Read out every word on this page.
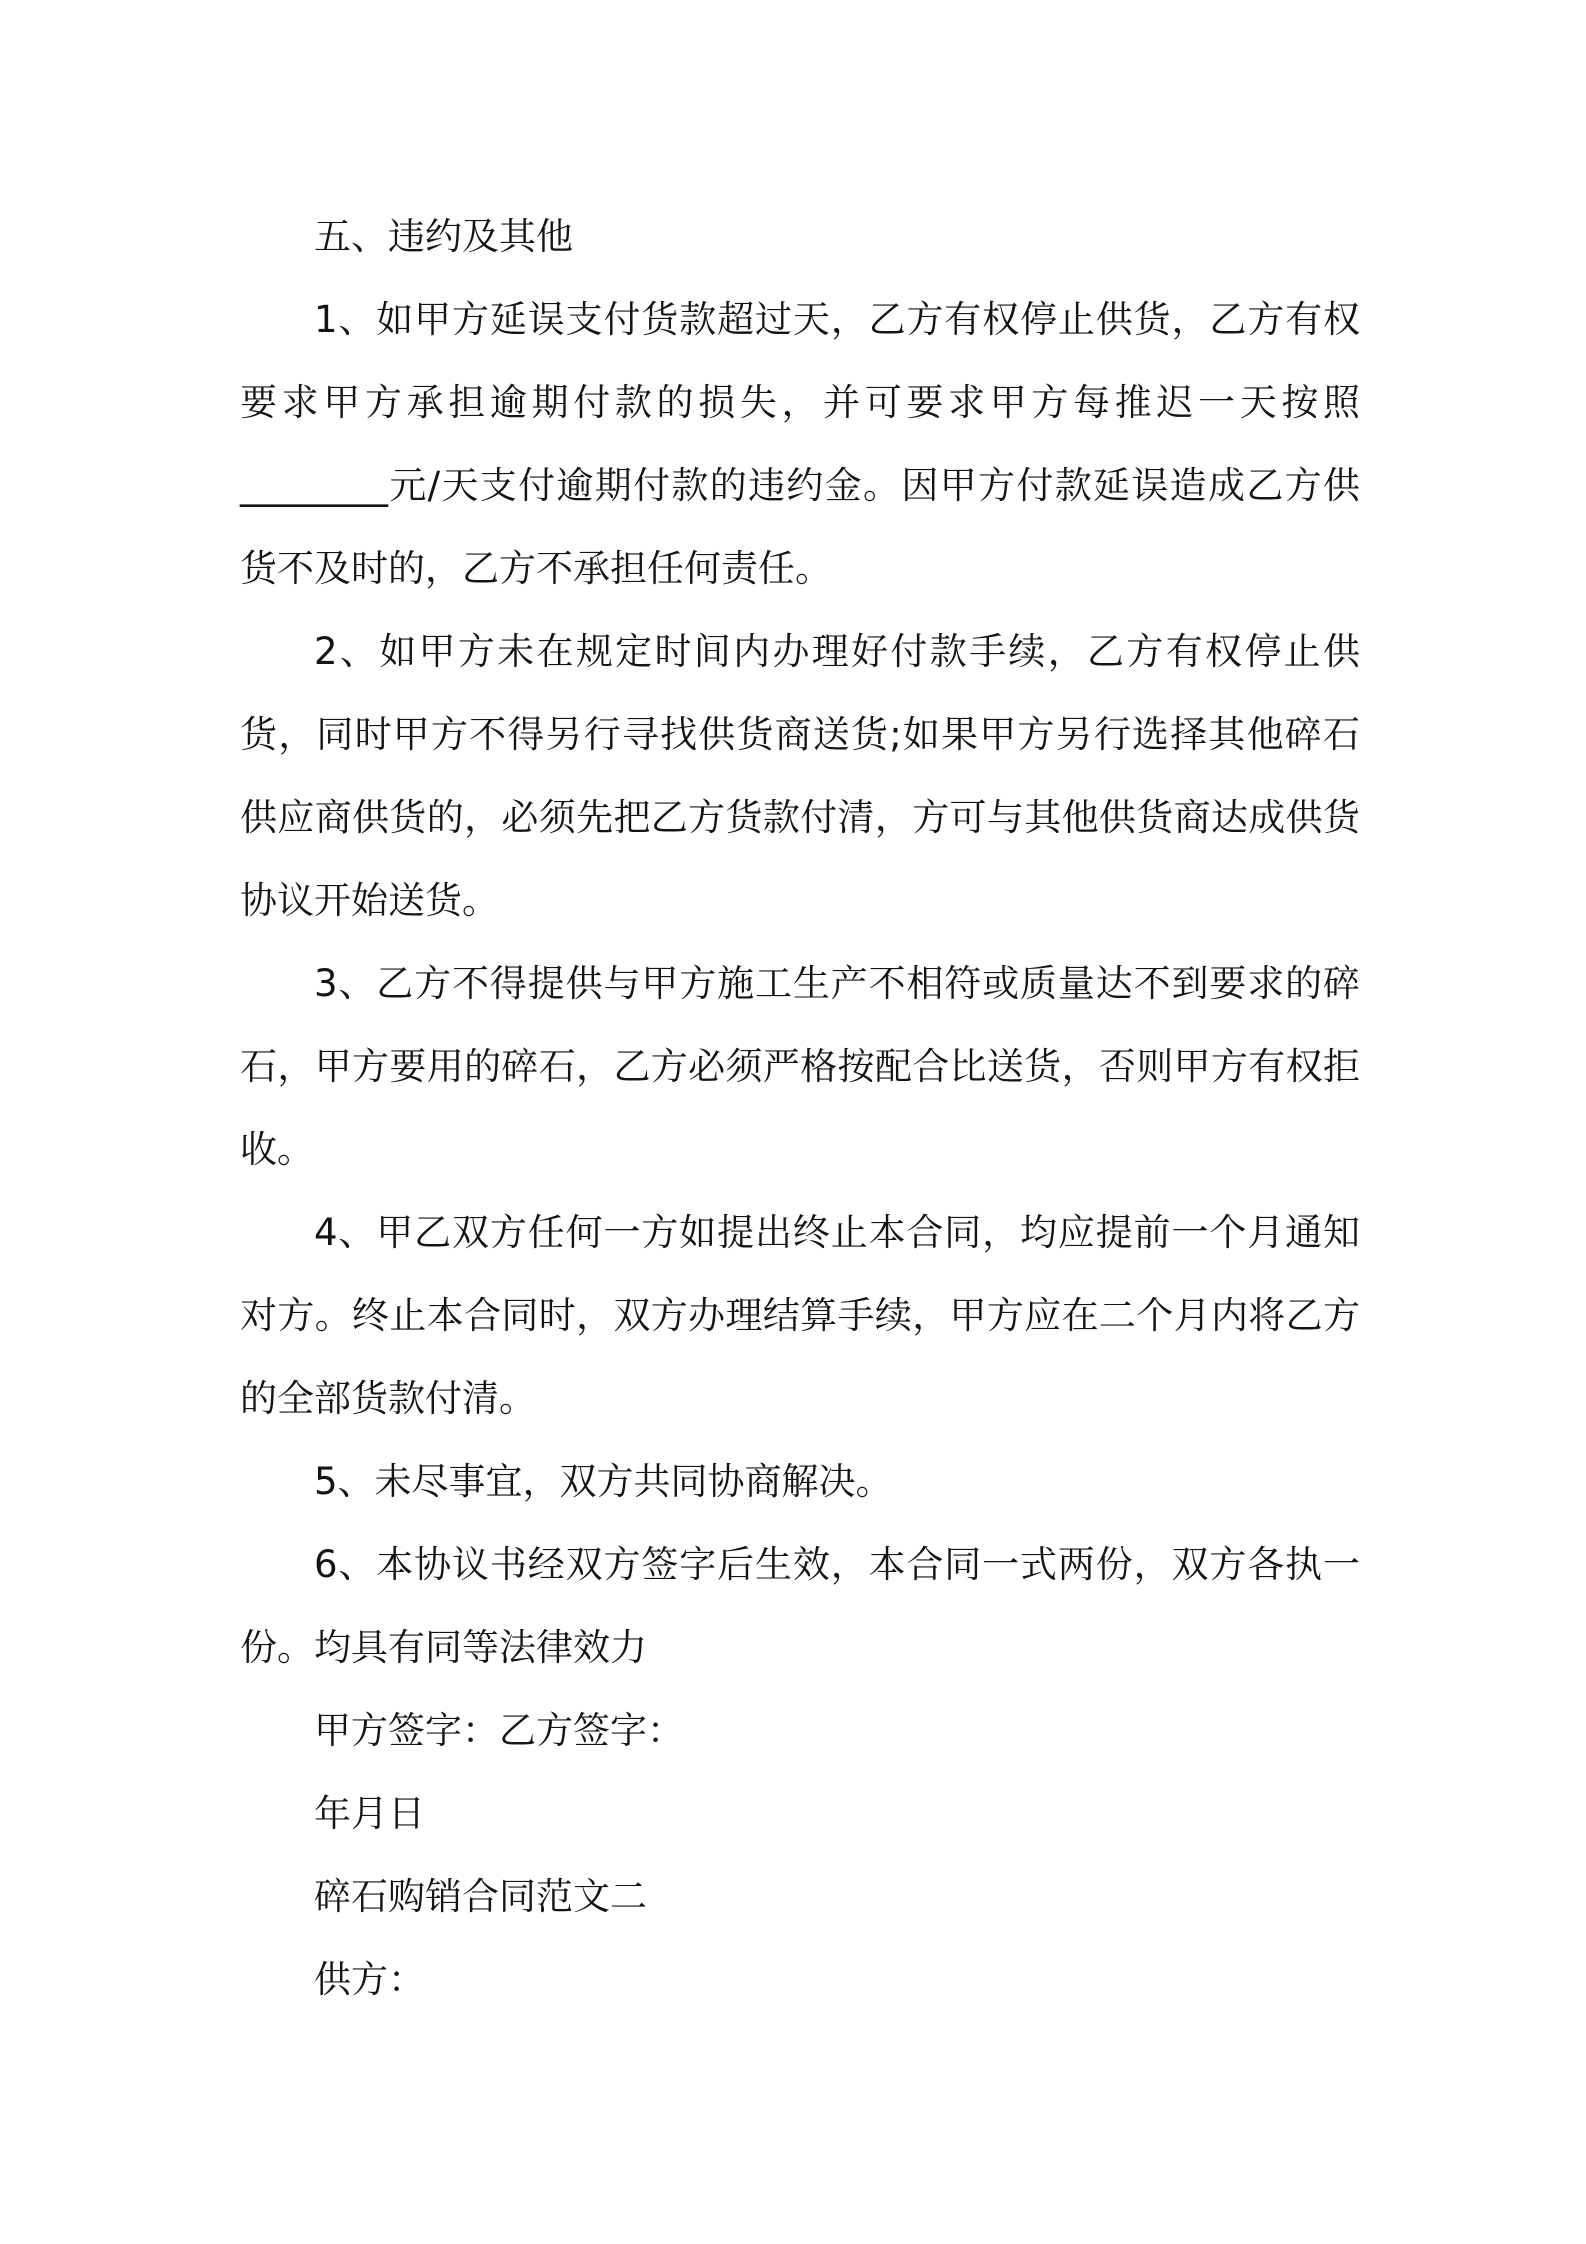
五、违约及其他

1、如甲方延误支付货款超过天，乙方有权停止供货，乙方有权要求甲方承担逾期付款的损失，并可要求甲方每推迟一天按照________元/天支付逾期付款的违约金。因甲方付款延误造成乙方供货不及时的，乙方不承担任何责任。

2、如甲方未在规定时间内办理好付款手续，乙方有权停止供货，同时甲方不得另行寻找供货商送货;如果甲方另行选择其他碎石供应商供货的，必须先把乙方货款付清，方可与其他供货商达成供货协议开始送货。

3、乙方不得提供与甲方施工生产不相符或质量达不到要求的碎石，甲方要用的碎石，乙方必须严格按配合比送货，否则甲方有权拒收。

4、甲乙双方任何一方如提出终止本合同，均应提前一个月通知对方。终止本合同时，双方办理结算手续，甲方应在二个月内将乙方的全部货款付清。

5、未尽事宜，双方共同协商解决。

6、本协议书经双方签字后生效，本合同一式两份，双方各执一份。均具有同等法律效力

甲方签字：乙方签字：

年月日

碎石购销合同范文二

供方：
